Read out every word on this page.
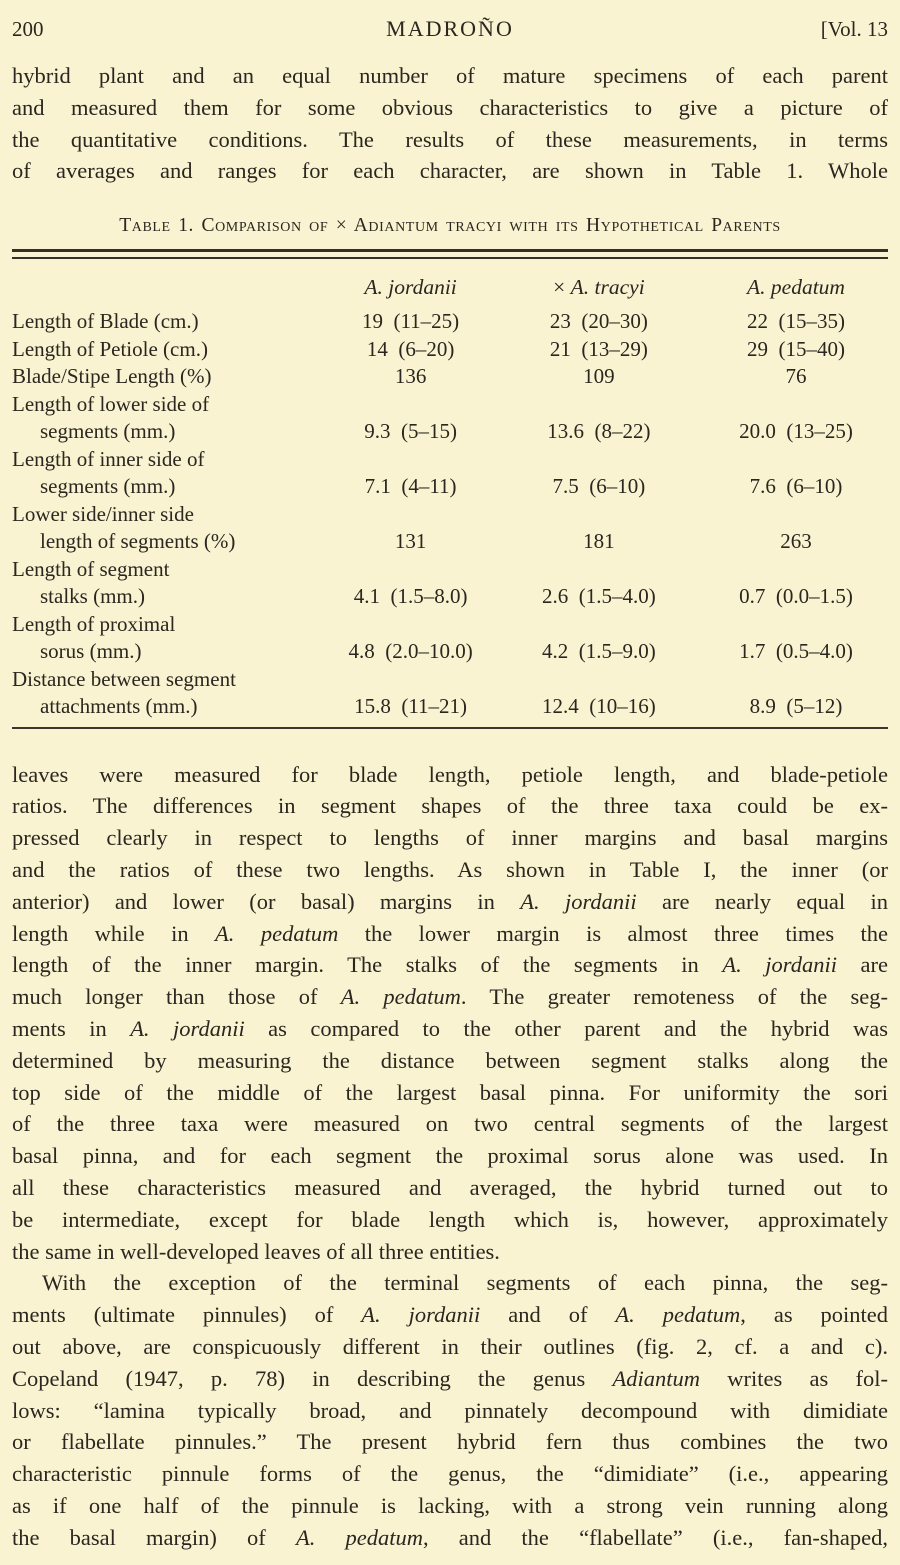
200	MADROÑO	[Vol. 13
hybrid plant and an equal number of mature specimens of each parent
and measured them for some obvious characteristics to give a picture of
the quantitative conditions. The results of these measurements, in terms
of averages and ranges for each character, are shown in Table 1. Whole
Table 1. Comparison of × Adiantum tracyi with its Hypothetical Parents
A. jordanii	× A. tracyi	A. pedatum
Length of Blade (cm.)	19 (11–25)	23 (20–30)	22 (15–35)
Length of Petiole (cm.)	14 (6–20)	21 (13–29)	29 (15–40)
Blade/Stipe Length (%)	136	109	76
Length of lower side of
segments (mm.)	9.3 (5–15)	13.6 (8–22)	20.0 (13–25)
Length of inner side of
segments (mm.)	7.1 (4–11)	7.5 (6–10)	7.6 (6–10)
Lower side/inner side
length of segments (%)	131	181	263
Length of segment
stalks (mm.)	4.1 (1.5–8.0)	2.6 (1.5–4.0)	0.7 (0.0–1.5)
Length of proximal
sorus (mm.)	4.8 (2.0–10.0)	4.2 (1.5–9.0)	1.7 (0.5–4.0)
Distance between segment
attachments (mm.)	15.8 (11–21)	12.4 (10–16)	8.9 (5–12)
leaves were measured for blade length, petiole length, and blade-petiole
ratios. The differences in segment shapes of the three taxa could be ex-
pressed clearly in respect to lengths of inner margins and basal margins
and the ratios of these two lengths. As shown in Table I, the inner (or
anterior) and lower (or basal) margins in A. jordanii are nearly equal in
length while in A. pedatum the lower margin is almost three times the
length of the inner margin. The stalks of the segments in A. jordanii are
much longer than those of A. pedatum. The greater remoteness of the seg-
ments in A. jordanii as compared to the other parent and the hybrid was
determined by measuring the distance between segment stalks along the
top side of the middle of the largest basal pinna. For uniformity the sori
of the three taxa were measured on two central segments of the largest
basal pinna, and for each segment the proximal sorus alone was used. In
all these characteristics measured and averaged, the hybrid turned out to
be intermediate, except for blade length which is, however, approximately
the same in well-developed leaves of all three entities.
With the exception of the terminal segments of each pinna, the seg-
ments (ultimate pinnules) of A. jordanii and of A. pedatum, as pointed
out above, are conspicuously different in their outlines (fig. 2, cf. a and c).
Copeland (1947, p. 78) in describing the genus Adiantum writes as fol-
lows: “lamina typically broad, and pinnately decompound with dimidiate
or flabellate pinnules.” The present hybrid fern thus combines the two
characteristic pinnule forms of the genus, the “dimidiate” (i.e., appearing
as if one half of the pinnule is lacking, with a strong vein running along
the basal margin) of A. pedatum, and the “flabellate” (i.e., fan-shaped,
